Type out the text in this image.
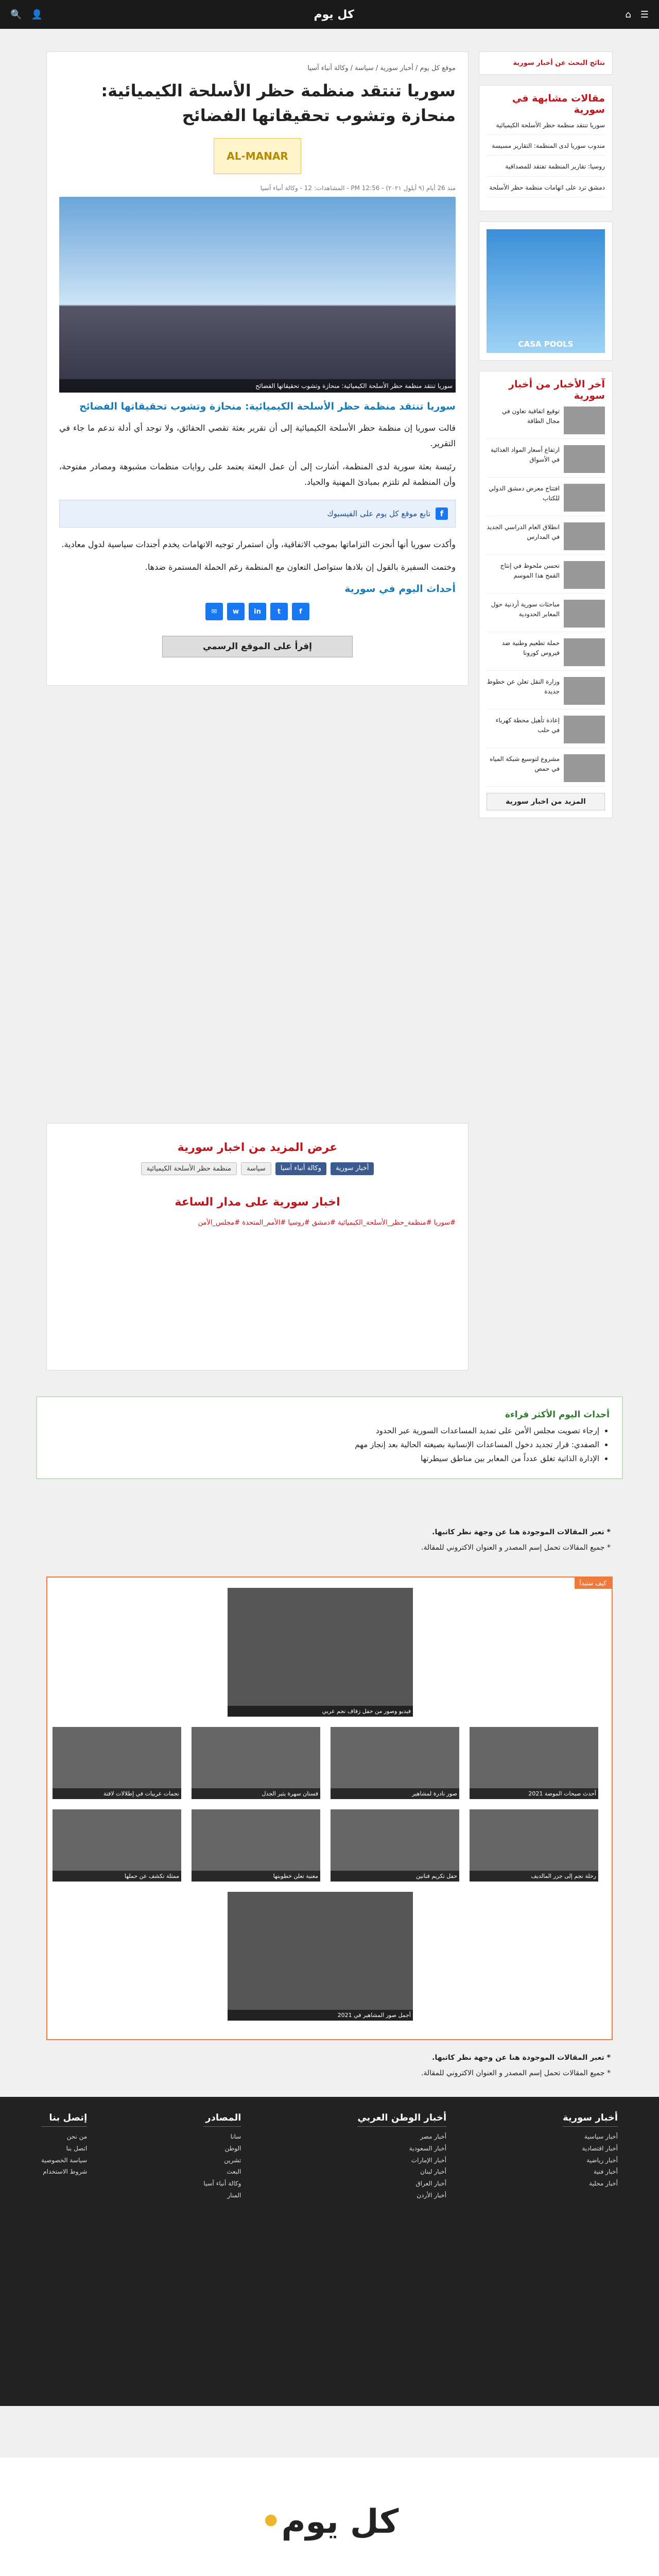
☰
⌂
كل يوم
👤
🔍
موقع كل يوم / أخبار سورية / سياسة / وكالة أنباء آسيا
سوريا تنتقد منظمة حظر الأسلحة الكيميائية: منحازة وتشوب تحقيقاتها الفضائح
AL-MANAR
منذ 26 أيام (٩ أيلول ٢٠٢١) - 12:56 PM - المشاهدات: 12 - وكالة أنباء آسيا
سوريا تنتقد منظمة حظر الأسلحة الكيميائية: منحازة وتشوب تحقيقاتها الفضائح

سوريا تنتقد منظمة حظر الأسلحة الكيميائية: منحازة وتشوب تحقيقاتها الفضائح

قالت سوريا إن منظمة حظر الأسلحة الكيميائية إلى أن تقرير بعثة تقصي الحقائق، ولا توجد أي أدلة تدعم ما جاء في التقرير.

رئيسة بعثة سورية لدى المنظمة، أشارت إلى أن عمل البعثة يعتمد على روايات منظمات مشبوهة ومصادر مفتوحة، وأن المنظمة لم تلتزم بمبادئ المهنية والحياد.

f
تابع موقع كل يوم على الفيسبوك

وأكدت سوريا أنها أنجزت التزاماتها بموجب الاتفاقية، وأن استمرار توجيه الاتهامات يخدم أجندات سياسية لدول معادية.

وختمت السفيرة بالقول إن بلادها ستواصل التعاون مع المنظمة رغم الحملة المستمرة ضدها.

أحداث اليوم في سورية

f
t
in
w
✉
إقرأ على الموقع الرسمي
نتائج البحث عن أخبار سورية
مقالات مشابهة في سورية
سوريا تنتقد منظمة حظر الأسلحة الكيميائية
مندوب سوريا لدى المنظمة: التقارير مسيسة
روسيا: تقارير المنظمة تفتقد للمصداقية
دمشق ترد على اتهامات منظمة حظر الأسلحة
CASA POOLS
آخر الأخبار من أخبار سورية
توقيع اتفاقية تعاون في مجال الطاقة
ارتفاع أسعار المواد الغذائية في الأسواق
افتتاح معرض دمشق الدولي للكتاب
انطلاق العام الدراسي الجديد في المدارس
تحسن ملحوظ في إنتاج القمح هذا الموسم
مباحثات سورية أردنية حول المعابر الحدودية
حملة تطعيم وطنية ضد فيروس كورونا
وزارة النقل تعلن عن خطوط جديدة
إعادة تأهيل محطة كهرباء في حلب
مشروع لتوسيع شبكة المياه في حمص
المزيد من اخبار سورية
عرض المزيد من اخبار سورية
أخبار سورية
وكالة أنباء آسيا
سياسة
منظمة حظر الأسلحة الكيميائية
اخبار سورية على مدار الساعة
#سوريا #منظمة_حظر_الأسلحة_الكيميائية #دمشق #روسيا #الأمم_المتحدة #مجلس_الأمن
أحداث اليوم الأكثر قراءة
• إرجاء تصويت مجلس الأمن على تمديد المساعدات السورية عبر الحدود
• الصفدي: قرار تجديد دخول المساعدات الإنسانية بصيغته الحالية بعد إنجاز مهم
• الإدارة الذاتية تغلق عدداً من المعابر بين مناطق سيطرتها
* تعبر المقالات الموجودة هنا عن وجهة نظر كاتبها.
* جميع المقالات تحمل إسم المصدر و العنوان الاكتروني للمقالة.
كيف ستبدأ
فيديو وصور من حفل زفاف نجم عربي
نجمات عربيات في إطلالات لافتة	فستان سهرة يثير الجدل	صور نادرة لمشاهير	أحدث صيحات الموضة 2021
ممثلة تكشف عن حملها	مغنية تعلن خطوبتها	حفل تكريم فنانين	رحلة نجم إلى جزر المالديف
أجمل صور المشاهير في 2021
* تعبر المقالات الموجودة هنا عن وجهة نظر كاتبها.
* جميع المقالات تحمل إسم المصدر و العنوان الاكتروني للمقالة.
أخبار سورية
أخبار سياسية
أخبار اقتصادية
أخبار رياضية
أخبار فنية
أخبار محلية
أخبار الوطن العربي
أخبار مصر
أخبار السعودية
أخبار الإمارات
أخبار لبنان
أخبار العراق
أخبار الأردن
المصادر
سانا
الوطن
تشرين
البعث
وكالة أنباء آسيا
المنار
إتصل بنا
من نحن
اتصل بنا
سياسة الخصوصية
شروط الاستخدام
كل يوم•
